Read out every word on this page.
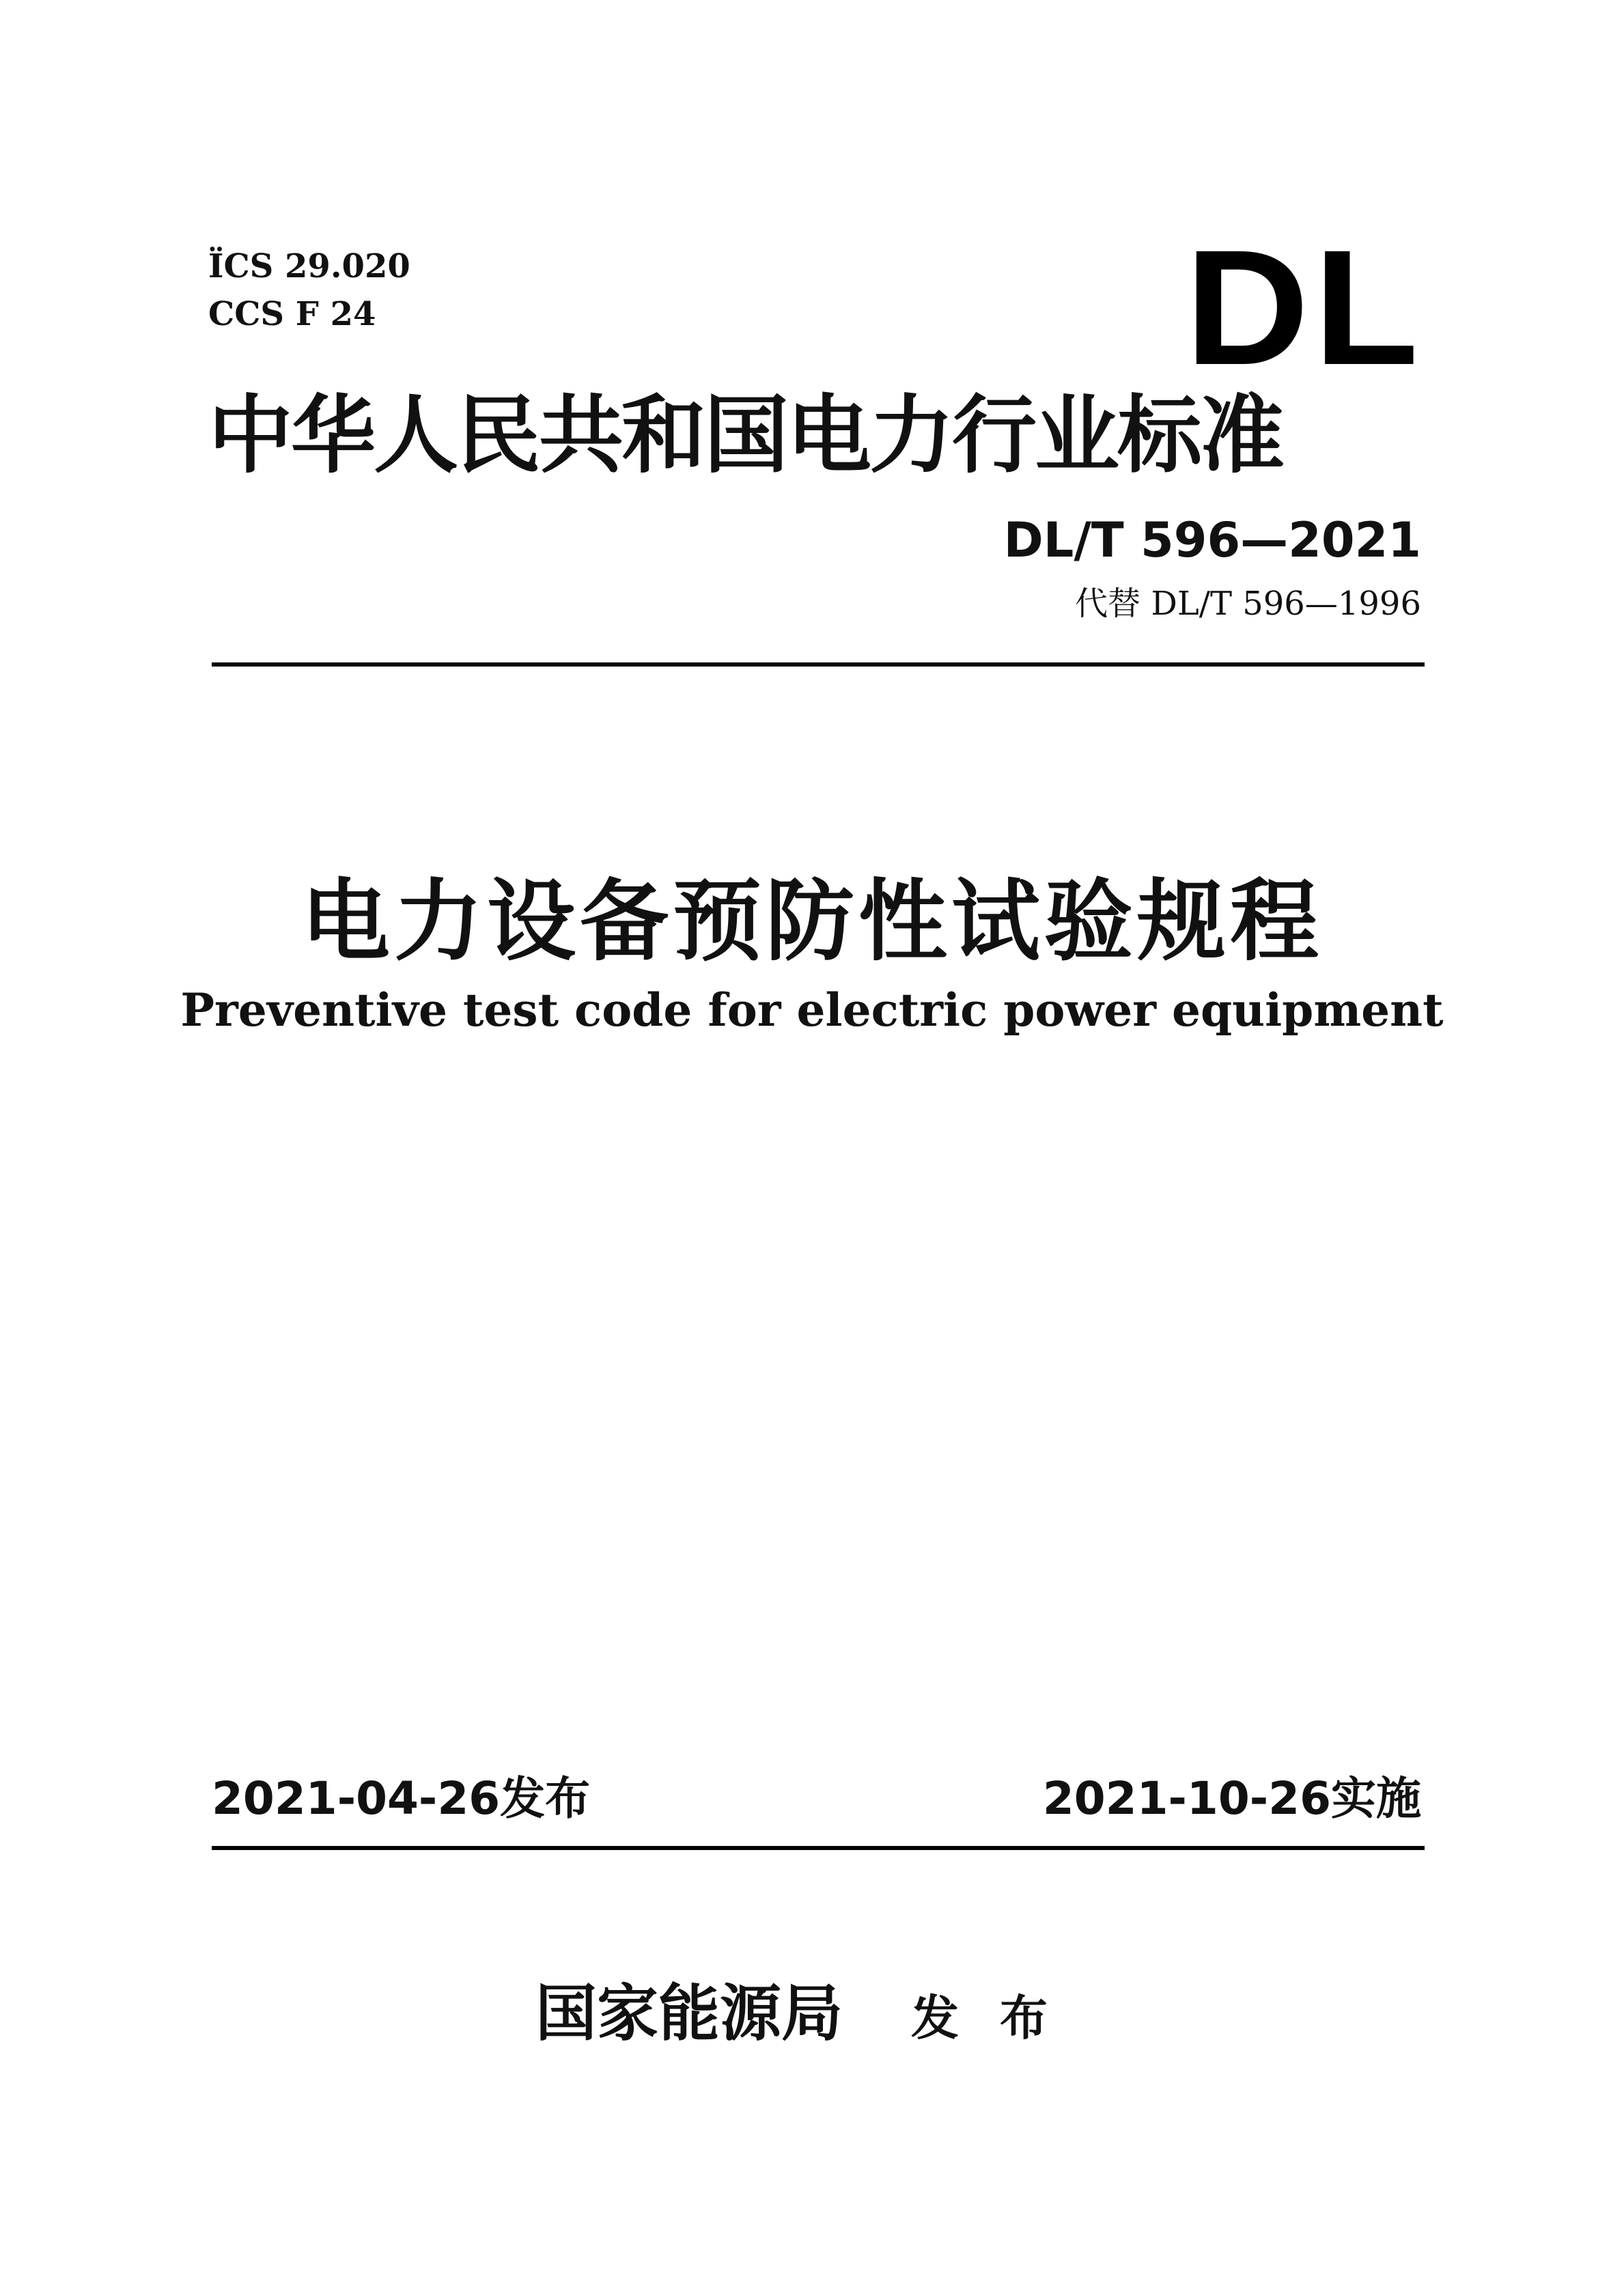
ÏCS 29.020
CCS F 24	DL
中华人民共和国电力行业标准
DL/T 596—2021
代替 DL/T 596—1996
电力设备预防性试验规程
Preventive test code for electric power equipment
2021-04-26发布	2021-10-26实施
国家能源局 发布
